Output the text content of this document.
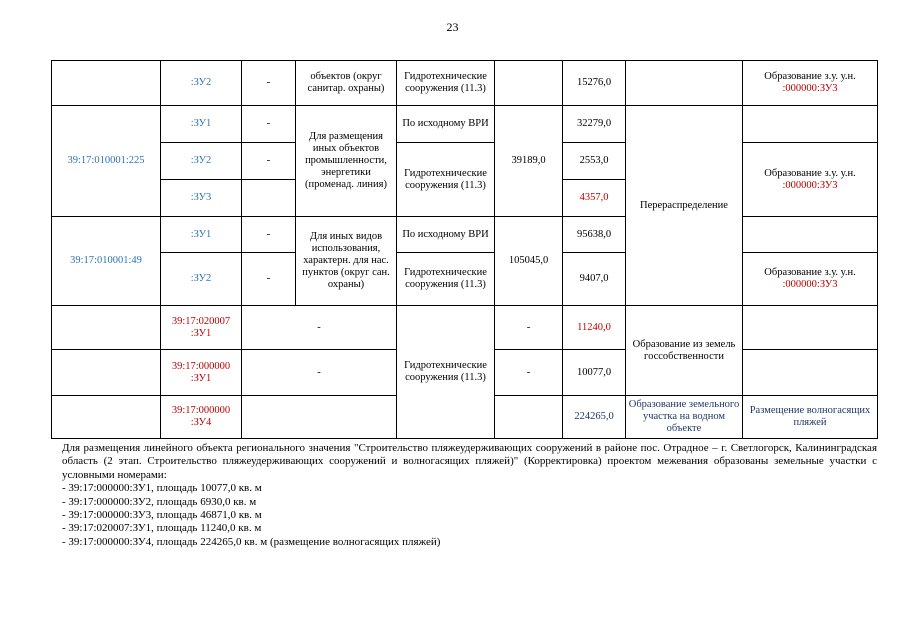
23
	:ЗУ2	-	объектов (округ санитар. охраны)	Гидротехнические сооружения (11.3)		15276,0		Образование з.у. у.н. :000000:ЗУ3
39:17:010001:225	:ЗУ1	-	Для размещения иных объектов промышленности, энергетики (променад. линия)	По исходному ВРИ	39189,0	32279,0	Перераспределение	
	:ЗУ2	-		Гидротехнические сооружения (11.3)		2553,0		Образование з.у. у.н. :000000:ЗУ3
	:ЗУ3					4357,0		
39:17:010001:49	:ЗУ1	-	Для иных видов использования, характерн. для нас. пунктов (округ сан. охраны)	По исходному ВРИ	105045,0	95638,0		
	:ЗУ2	-		Гидротехнические сооружения (11.3)		9407,0		Образование з.у. у.н. :000000:ЗУ3
	39:17:020007 :ЗУ1	-		Гидротехнические сооружения (11.3)	-	11240,0	Образование из земель госсобственности	
	39:17:000000 :ЗУ1	-			-	10077,0		
	39:17:000000 :ЗУ4					224265,0	Образование земельного участка на водном объекте	Размещение волногасящих пляжей
Для размещения линейного объекта регионального значения "Строительство пляжеудерживающих сооружений в районе пос. Отрадное – г. Светлогорск, Калининградская область (2 этап. Строительство пляжеудерживающих сооружений и волногасящих пляжей)" (Корректировка) проектом межевания образованы земельные участки с условными номерами:
- 39:17:000000:ЗУ1, площадь 10077,0 кв. м
- 39:17:000000:ЗУ2, площадь 6930,0 кв. м
- 39:17:000000:ЗУ3, площадь 46871,0 кв. м
- 39:17:020007:ЗУ1, площадь 11240,0 кв. м
- 39:17:000000:ЗУ4, площадь 224265,0 кв. м (размещение волногасящих пляжей)
